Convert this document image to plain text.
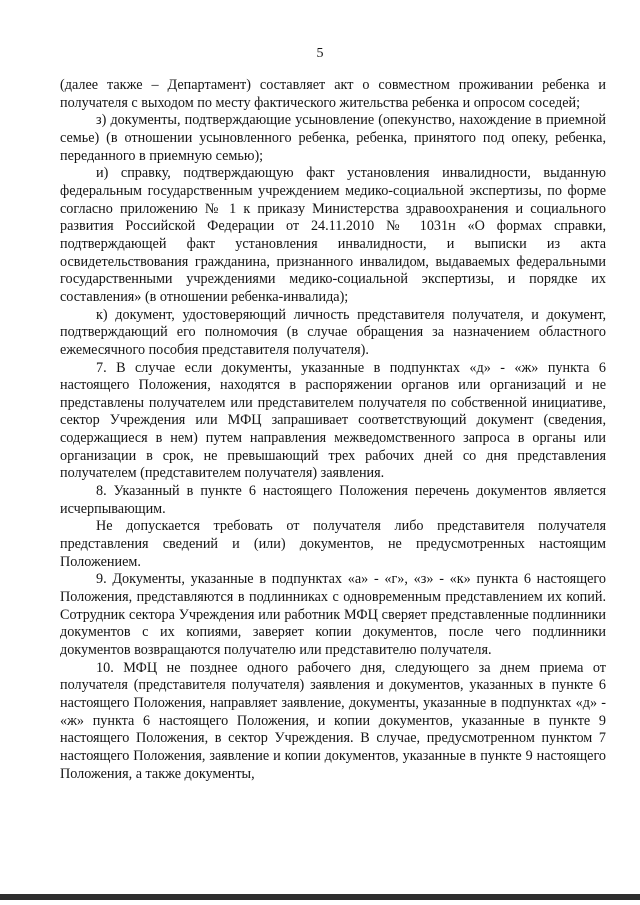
5

(далее также – Департамент) составляет акт о совместном проживании ребенка и получателя с выходом по месту фактического жительства ребенка и опросом соседей;

з) документы, подтверждающие усыновление (опекунство, нахождение в приемной семье) (в отношении усыновленного ребенка, ребенка, принятого под опеку, ребенка, переданного в приемную семью);

и) справку, подтверждающую факт установления инвалидности, выданную федеральным государственным учреждением медико-социальной экспертизы, по форме согласно приложению № 1 к приказу Министерства здравоохранения и социального развития Российской Федерации от 24.11.2010 № 1031н «О формах справки, подтверждающей факт установления инвалидности, и выписки из акта освидетельствования гражданина, признанного инвалидом, выдаваемых федеральными государственными учреждениями медико-социальной экспертизы, и порядке их составления» (в отношении ребенка-инвалида);

к) документ, удостоверяющий личность представителя получателя, и документ, подтверждающий его полномочия (в случае обращения за назначением областного ежемесячного пособия представителя получателя).

7. В случае если документы, указанные в подпунктах «д» - «ж» пункта 6 настоящего Положения, находятся в распоряжении органов или организаций и не представлены получателем или представителем получателя по собственной инициативе, сектор Учреждения или МФЦ запрашивает соответствующий документ (сведения, содержащиеся в нем) путем направления межведомственного запроса в органы или организации в срок, не превышающий трех рабочих дней со дня представления получателем (представителем получателя) заявления.

8. Указанный в пункте 6 настоящего Положения перечень документов является исчерпывающим.

Не допускается требовать от получателя либо представителя получателя представления сведений и (или) документов, не предусмотренных настоящим Положением.

9. Документы, указанные в подпунктах «а» - «г», «з» - «к» пункта 6 настоящего Положения, представляются в подлинниках с одновременным представлением их копий. Сотрудник сектора Учреждения или работник МФЦ сверяет представленные подлинники документов с их копиями, заверяет копии документов, после чего подлинники документов возвращаются получателю или представителю получателя.

10. МФЦ не позднее одного рабочего дня, следующего за днем приема от получателя (представителя получателя) заявления и документов, указанных в пункте 6 настоящего Положения, направляет заявление, документы, указанные в подпунктах «д» - «ж» пункта 6 настоящего Положения, и копии документов, указанные в пункте 9 настоящего Положения, в сектор Учреждения. В случае, предусмотренном пунктом 7 настоящего Положения, заявление и копии документов, указанные в пункте 9 настоящего Положения, а также документы,
